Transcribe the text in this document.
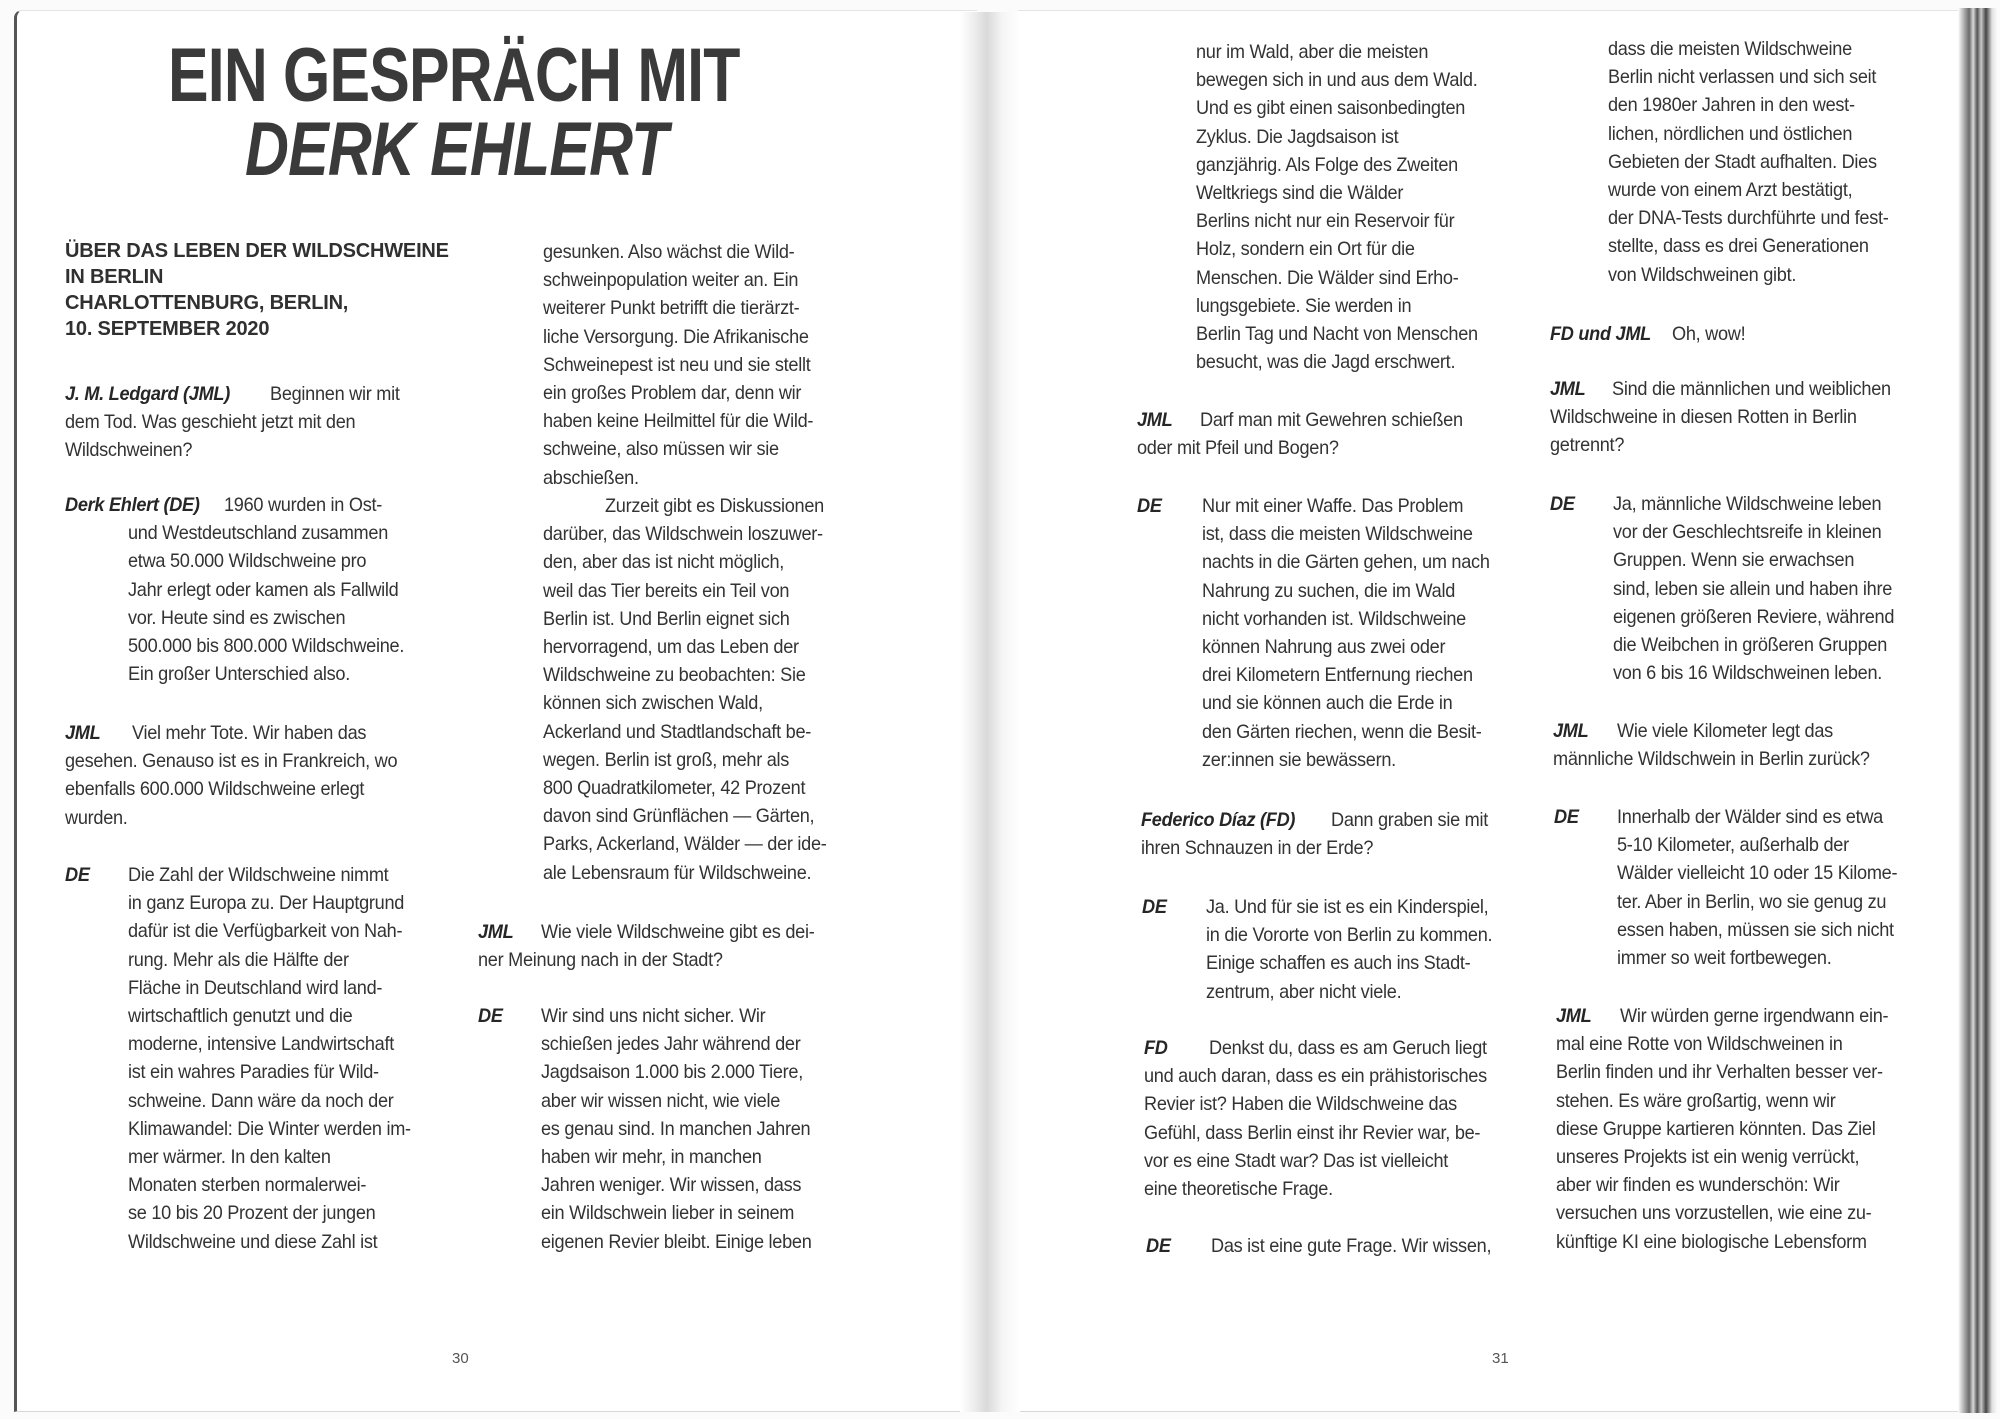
EIN GESPRÄCH MIT
DERK EHLERT
ÜBER DAS LEBEN DER WILDSCHWEINE
IN BERLIN
CHARLOTTENBURG, BERLIN,
10. SEPTEMBER 2020
J. M. Ledgard (JML) Beginnen wir mit
dem Tod. Was geschieht jetzt mit den
Wildschweinen?
Derk Ehlert (DE) 1960 wurden in Ost-
und Westdeutschland zusammen
etwa 50.000 Wildschweine pro
Jahr erlegt oder kamen als Fallwild
vor. Heute sind es zwischen
500.000 bis 800.000 Wildschweine.
Ein großer Unterschied also.
JML Viel mehr Tote. Wir haben das
gesehen. Genauso ist es in Frankreich, wo
ebenfalls 600.000 Wildschweine erlegt
wurden.
DE Die Zahl der Wildschweine nimmt
in ganz Europa zu. Der Hauptgrund
dafür ist die Verfügbarkeit von Nah-
rung. Mehr als die Hälfte der
Fläche in Deutschland wird land-
wirtschaftlich genutzt und die
moderne, intensive Landwirtschaft
ist ein wahres Paradies für Wild-
schweine. Dann wäre da noch der
Klimawandel: Die Winter werden im-
mer wärmer. In den kalten
Monaten sterben normalerwei-
se 10 bis 20 Prozent der jungen
Wildschweine und diese Zahl ist
gesunken. Also wächst die Wild-
schweinpopulation weiter an. Ein
weiterer Punkt betrifft die tierärzt-
liche Versorgung. Die Afrikanische
Schweinepest ist neu und sie stellt
ein großes Problem dar, denn wir
haben keine Heilmittel für die Wild-
schweine, also müssen wir sie
abschießen.
Zurzeit gibt es Diskussionen
darüber, das Wildschwein loszuwer-
den, aber das ist nicht möglich,
weil das Tier bereits ein Teil von
Berlin ist. Und Berlin eignet sich
hervorragend, um das Leben der
Wildschweine zu beobachten: Sie
können sich zwischen Wald,
Ackerland und Stadtlandschaft be-
wegen. Berlin ist groß, mehr als
800 Quadratkilometer, 42 Prozent
davon sind Grünflächen — Gärten,
Parks, Ackerland, Wälder — der ide-
ale Lebensraum für Wildschweine.
JML Wie viele Wildschweine gibt es dei-
ner Meinung nach in der Stadt?
DE Wir sind uns nicht sicher. Wir
schießen jedes Jahr während der
Jagdsaison 1.000 bis 2.000 Tiere,
aber wir wissen nicht, wie viele
es genau sind. In manchen Jahren
haben wir mehr, in manchen
Jahren weniger. Wir wissen, dass
ein Wildschwein lieber in seinem
eigenen Revier bleibt. Einige leben
nur im Wald, aber die meisten
bewegen sich in und aus dem Wald.
Und es gibt einen saisonbedingten
Zyklus. Die Jagdsaison ist
ganzjährig. Als Folge des Zweiten
Weltkriegs sind die Wälder
Berlins nicht nur ein Reservoir für
Holz, sondern ein Ort für die
Menschen. Die Wälder sind Erho-
lungsgebiete. Sie werden in
Berlin Tag und Nacht von Menschen
besucht, was die Jagd erschwert.
JML Darf man mit Gewehren schießen
oder mit Pfeil und Bogen?
DE Nur mit einer Waffe. Das Problem
ist, dass die meisten Wildschweine
nachts in die Gärten gehen, um nach
Nahrung zu suchen, die im Wald
nicht vorhanden ist. Wildschweine
können Nahrung aus zwei oder
drei Kilometern Entfernung riechen
und sie können auch die Erde in
den Gärten riechen, wenn die Besit-
zer:innen sie bewässern.
Federico Díaz (FD) Dann graben sie mit
ihren Schnauzen in der Erde?
DE Ja. Und für sie ist es ein Kinderspiel,
in die Vororte von Berlin zu kommen.
Einige schaffen es auch ins Stadt-
zentrum, aber nicht viele.
FD Denkst du, dass es am Geruch liegt
und auch daran, dass es ein prähistorisches
Revier ist? Haben die Wildschweine das
Gefühl, dass Berlin einst ihr Revier war, be-
vor es eine Stadt war? Das ist vielleicht
eine theoretische Frage.
DE Das ist eine gute Frage. Wir wissen,
dass die meisten Wildschweine
Berlin nicht verlassen und sich seit
den 1980er Jahren in den west-
lichen, nördlichen und östlichen
Gebieten der Stadt aufhalten. Dies
wurde von einem Arzt bestätigt,
der DNA-Tests durchführte und fest-
stellte, dass es drei Generationen
von Wildschweinen gibt.
FD und JML Oh, wow!
JML Sind die männlichen und weiblichen
Wildschweine in diesen Rotten in Berlin
getrennt?
DE Ja, männliche Wildschweine leben
vor der Geschlechtsreife in kleinen
Gruppen. Wenn sie erwachsen
sind, leben sie allein und haben ihre
eigenen größeren Reviere, während
die Weibchen in größeren Gruppen
von 6 bis 16 Wildschweinen leben.
JML Wie viele Kilometer legt das
männliche Wildschwein in Berlin zurück?
DE Innerhalb der Wälder sind es etwa
5-10 Kilometer, außerhalb der
Wälder vielleicht 10 oder 15 Kilome-
ter. Aber in Berlin, wo sie genug zu
essen haben, müssen sie sich nicht
immer so weit fortbewegen.
JML Wir würden gerne irgendwann ein-
mal eine Rotte von Wildschweinen in
Berlin finden und ihr Verhalten besser ver-
stehen. Es wäre großartig, wenn wir
diese Gruppe kartieren könnten. Das Ziel
unseres Projekts ist ein wenig verrückt,
aber wir finden es wunderschön: Wir
versuchen uns vorzustellen, wie eine zu-
künftige KI eine biologische Lebensform
30	31
